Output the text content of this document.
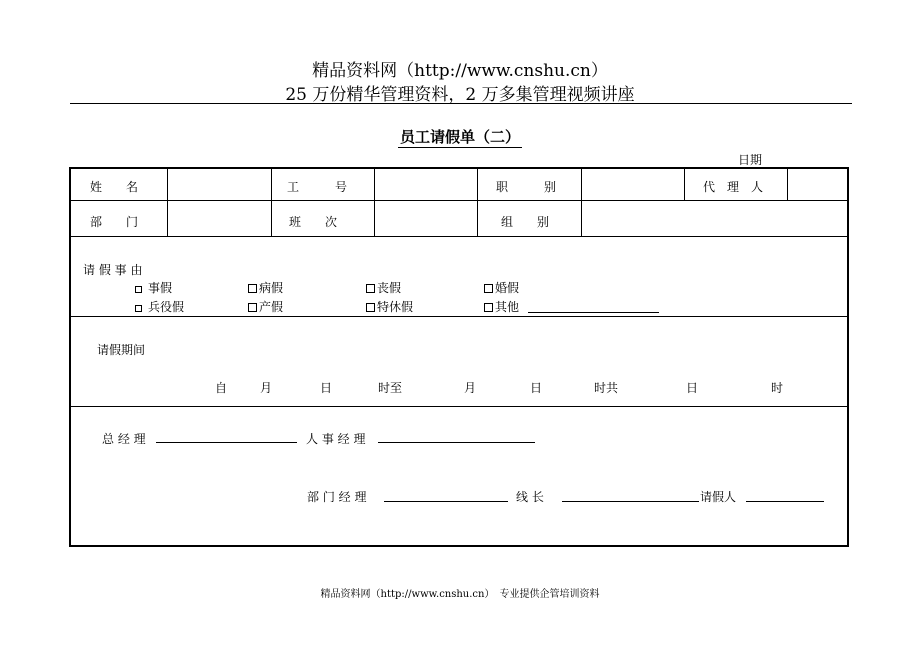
精品资料网（http://www.cnshu.cn）
25 万份精华管理资料，2 万多集管理视频讲座
员工请假单（二）
日期
姓　　名	工　　　号	职　　　别	代　理　人
部　　门	班　　次	组　　别
请 假 事 由
事假	病假	丧假	婚假
兵役假	产假	特休假	其他
请假期间
自	月	日	时至	月	日	时共	日	时
总 经 理	人 事 经 理
部 门 经 理	线 长	请假人
精品资料网（http://www.cnshu.cn）　专业提供企管培训资料
